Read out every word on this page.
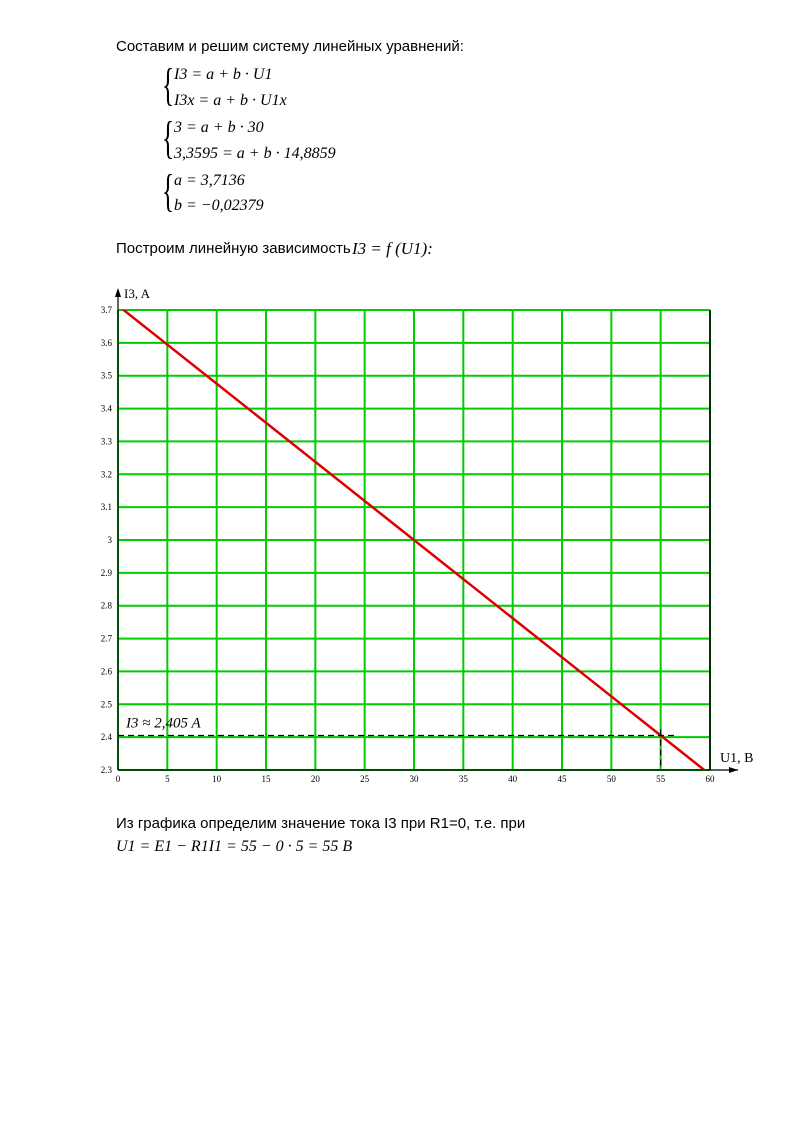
Составим и решим систему линейных уравнений:
{ I3 = a + b · U1
I3x = a + b · U1x
{ 3 = a + b · 30
3,3595 = a + b · 14,8859
{ a = 3,7136
b = −0,02379
Построим линейную зависимость I3 = f (U1):
0	5	10	15	20	25	30	35	40	45	50	55	60
2.3
2.4
2.5
2.6
2.7
2.8
2.9
3
3.1
3.2
3.3
3.4
3.5
3.6
3.7
I3, A
U1, B
I3 ≈ 2,405 A
Из графика определим значение тока I3 при R1=0, т.е. при
U1 = E1 − R1I1 = 55 − 0 · 5 = 55 B
